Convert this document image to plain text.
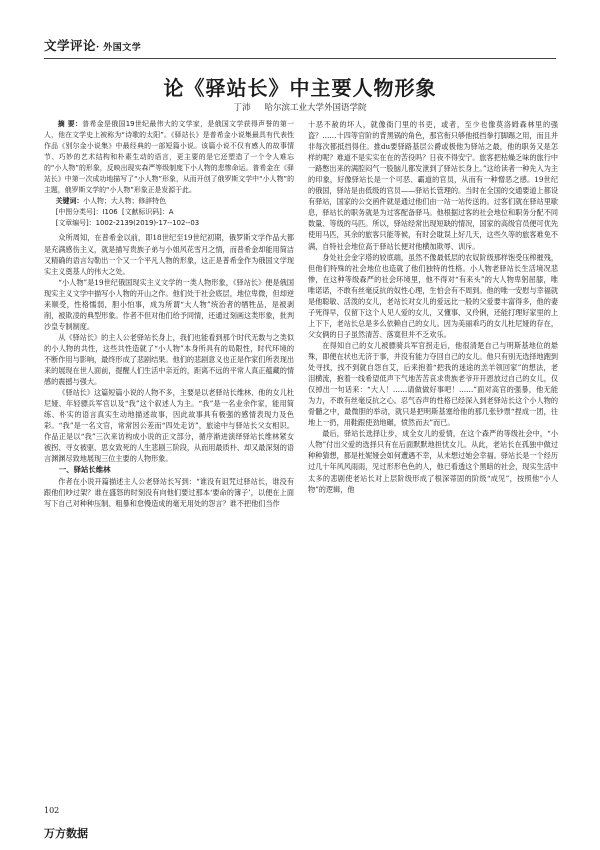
文学评论· 外国文学
论《驿站长》中主要人物形象
丁沛 哈尔滨工业大学外国语学院

摘 要：普希金是俄国19世纪最伟大的文学家，是俄国文学获得声誉的第一人，他在文学史上被称为“诗歌的太阳”。《驿站长》是普希金小说集最具有代表性作品《别尔金小说集》中最经典的一部短篇小说。该篇小说不仅有感人的故事情节、巧妙的艺术结构和朴素生动的语言，更主要的是它还塑造了一个令人难忘的“小人物”的形象，反映出现实森严等级制度下小人物的悲惨命运。普希金在《驿站长》中第一次成功地描写了“小人物”形象，从而开创了俄罗斯文学中“小人物”的主题，俄罗斯文学的“小人物”形象正是发源于此。

关键词：小人物；大人物；修辞特色

[中图分类号]：I106 [文献标识码]：A

[文章编号]：1002-2139(2019)-17--102--03

众所周知，在普希金以前，即18世纪至19世纪初期，俄罗斯文学作品大都是充满感伤主义，就是描写贵族子弟与小姐风花雪月之情，而普希金却能用简洁又精确的语言勾勒出一个又一个平凡人物的形象，这正是普希金作为俄国文学现实主义奠基人的伟大之处。

“小人物”是19世纪俄国现实主义文学的一类人物形象，《驿站长》便是俄国现实主义文学中描写小人物的开山之作。他们处于社会底层，地位卑微，但却逆来顺受，性格懦弱，胆小怕事，成为所谓“大人物”统治者的牺牲品，是被剥削，被欺凌的典型形象。作者不但对他们给予同情，还通过刻画这类形象，批判沙皇专制制度。

从《驿站长》的主人公老驿站长身上，我们也能看到那个时代无数与之类似的小人物的共性，这些共性造就了“小人物”本身所具有的局限性，时代环境的不断作用与影响，最终形成了悲剧结果。他们的悲剧意义也正是作家们所表现出来的展现在世人面前，提醒人们生活中亲近的，距离不远的平常人真正蕴藏的情感的震撼与强大。

《驿站长》这篇短篇小说的人物不多，主要是以老驿站长维林、他的女儿杜尼娅、年轻骠兵军官以及“我”这个叙述人为主。“我”是一名业余作家，能用简练、朴实的语言真实生动地描述故事，因此故事具有极强的感情表现力及色彩。“我”是一名文官，常常因公差而“四处走访”，旅途中与驿站长父女相识。作品正是以“我”三次来访构成小说的正文部分，循序渐进演绎驿站长维林紧女被拐、寻女被驱、思女致死的人生悲剧三阶段，从而用最质朴、却又最深刻的语言渊渊尽致地展现三位主要的人物形象。

一、驿站长维林

作者在小说开篇描述主人公老驿站长写到：“谁没有诅咒过驿站长，谁没有跟他们吵过架？谁在盛怒的时刻没有向他们要过那本‘要命的簿子’，以便在上面写下自己对种种压制、粗暴和怠慢造成的毫无用处的怨言？谁不把他们当作

十恶不赦的坏人，就像衙门里的书吏，或者，至少也像莫洛姆森林里的强盗？……十四等官阶的背黑锅的角色，那官衔只够他抵挡拳打脚踢之用，而且并非每次都抵挡得住。推du要驿路基层公爵或极他为驿站之最，他的职务又是怎样的呢？难道不是实实在在的苦役吗？日夜不得安宁。旅客把枯燥乏味的旅行中一路憋出来的满腔闷气一股脑儿都发泄到了驿站长身上。”这给读者一种先入为主的印象，好像驿站长是一个可恶、霸道的官员，从而有一种憎恶之感。19世纪的俄国，驿站是由低级的官员——驿站长管理的。当时在全国的交通要道上都设有驿站，国家的公交函件就是通过他们由一站一站传送的。过客们就在驿站里歇息，驿站长的职务就是为过客配备驿马。他根据过客的社会地位和职务分配不同数量、等级的马匹。所以，驿站经常出现短缺的情况，国家的高级官员便可优先使用马匹，其余的旅客只能等候，有时会耽误上好几天，这些久等的旅客难免不满，自特社会地位高于驿站长便对他横加欺辱、训斥。

身处社会金字塔的较底端，虽然不像最低层的农奴阶级那样饱受压榨摧残，但他们特殊的社会地位也造就了他们独特的性格。小人物老驿站长生活境况悲惨，在这种等级森严的社会环境里，他不得对“有来头”的大人物卑躬屈膝，唯唯诺诺，不敢有丝毫反抗的奴性心理，生怕会有不周到。他的唯一安慰与幸福就是他聪敏、活泼的女儿，老站长对女儿的爱远比一般的父爱要丰富得多，他的妻子死得早，仅留下这个人见人爱的女儿，又懂事、又伶俐，还能打理好家里的上上下下，老站长总是多么依赖自己的女儿。因为美丽乖巧的女儿杜尼娅的存在，父女俩的日子虽然清苦、落寞但并不乏欢乐。

在得知自己的女儿被骠骑兵军官拐走后，他很清楚自己与明斯基地位的悬殊，即便在状也无济于事，并没有能力夺回自己的女儿。他只有别无选择地跑到处寻找，找不到就自怨自艾，后来抱着“把我的迷途的羔羊领回家”的想法，老泪横流，抱着一线希望低声下气地苦苦哀求贵族老爷开开恩放过自己的女儿，仅仅掉出一句话来：“大人！……请做做好事吧！……”面对高官的强暴，他无能为力，不敢有丝毫反抗之心。忍气吞声的性格已经深入到老驿站长这个小人物的骨髓之中，最微胆的举动，就只是把明斯基塞给他的那几张钞票“捏成一团，往地上一扔，用鞋跟使劲地碾，愤然而去”而已。

最后，驿站长选择让步，成全女儿的爱情，在这个森严的等级社会中，“小人物”付出父爱的选择只有在后面默默地担忧女儿。从此，老站长在孤独中做过种种猜想，都是杜妮娅会如何遭遇不幸，从未想过她会幸福。驿站长是一个经历过几十年风风雨雨，见过形形色色的人，他已看透这个黑暗的社会，现实生活中太多的悲剧使老站长对上层阶级形成了根深蒂固的阶级“成见”，按照他“小人物”的逻辑，他

102
万方数据
